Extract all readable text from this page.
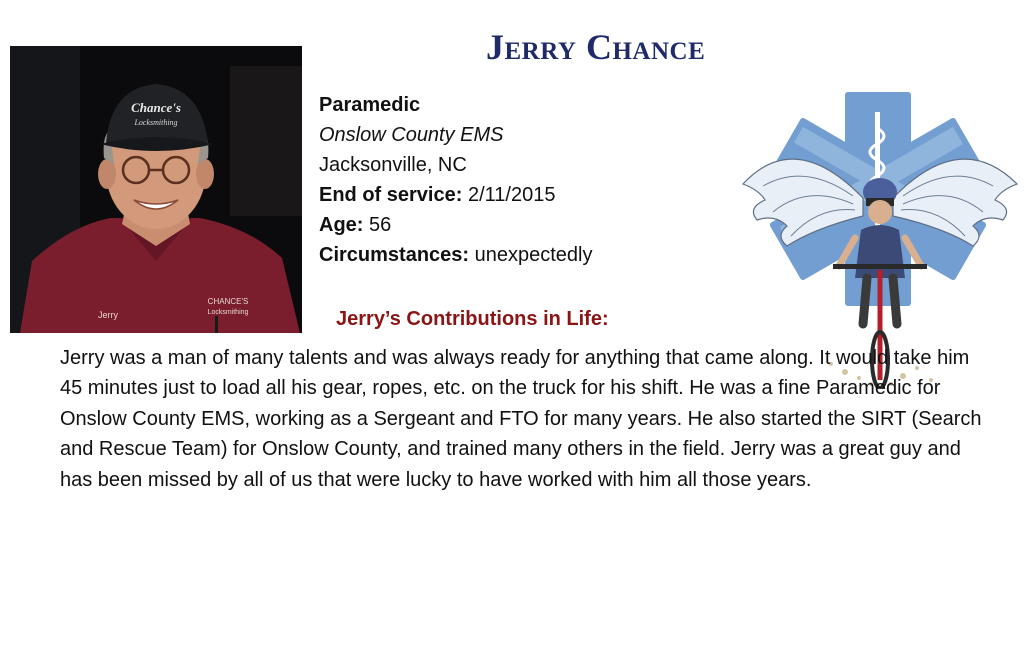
Jerry Chance
Chance's
Locksmithing
Jerry
CHANCE'S
Locksmithing
Paramedic
Onslow County EMS
Jacksonville, NC
End of service: 2/11/2015
Age: 56
Circumstances: unexpectedly
Jerry’s Contributions in Life:

Jerry was a man of many talents and was always ready for anything that came along. It would take him 45 minutes just to load all his gear, ropes, etc. on the truck for his shift. He was a fine Paramedic for Onslow County EMS, working as a Sergeant and FTO for many years. He also started the SIRT (Search and Rescue Team) for Onslow County, and trained many others in the field. Jerry was a great guy and has been missed by all of us that were lucky to have worked with him all those years.
